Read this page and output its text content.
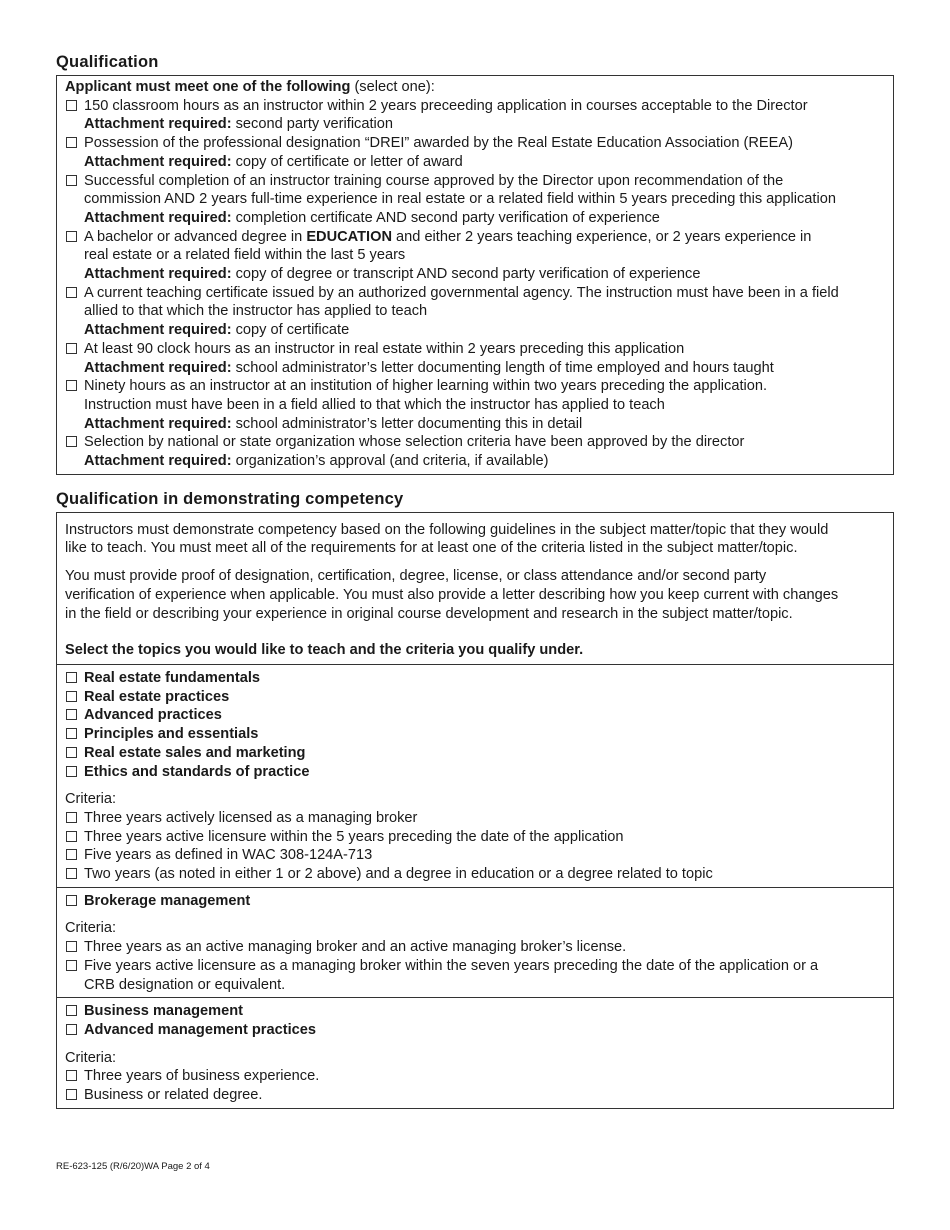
Qualification
Applicant must meet one of the following (select one):
150 classroom hours as an instructor within 2 years preceeding application in courses acceptable to the Director
Attachment required: second party verification
Possession of the professional designation “DREI” awarded by the Real Estate Education Association (REEA)
Attachment required: copy of certificate or letter of award
Successful completion of an instructor training course approved by the Director upon recommendation of the
commission AND 2 years full-time experience in real estate or a related field within 5 years preceding this application
Attachment required: completion certificate AND second party verification of experience
A bachelor or advanced degree in EDUCATION and either 2 years teaching experience, or 2 years experience in
real estate or a related field within the last 5 years
Attachment required: copy of degree or transcript AND second party verification of experience
A current teaching certificate issued by an authorized governmental agency. The instruction must have been in a field
allied to that which the instructor has applied to teach
Attachment required: copy of certificate
At least 90 clock hours as an instructor in real estate within 2 years preceding this application
Attachment required: school administrator’s letter documenting length of time employed and hours taught
Ninety hours as an instructor at an institution of higher learning within two years preceding the application.
Instruction must have been in a field allied to that which the instructor has applied to teach
Attachment required: school administrator’s letter documenting this in detail
Selection by national or state organization whose selection criteria have been approved by the director
Attachment required: organization’s approval (and criteria, if available)
Qualification in demonstrating competency

Instructors must demonstrate competency based on the following guidelines in the subject matter/topic that they would
like to teach. You must meet all of the requirements for at least one of the criteria listed in the subject matter/topic.

You must provide proof of designation, certification, degree, license, or class attendance and/or second party
verification of experience when applicable. You must also provide a letter describing how you keep current with changes
in the field or describing your experience in original course development and research in the subject matter/topic.

Select the topics you would like to teach and the criteria you qualify under.
Real estate fundamentals
Real estate practices
Advanced practices
Principles and essentials
Real estate sales and marketing
Ethics and standards of practice
Criteria:
Three years actively licensed as a managing broker
Three years active licensure within the 5 years preceding the date of the application
Five years as defined in WAC 308-124A-713
Two years (as noted in either 1 or 2 above) and a degree in education or a degree related to topic
Brokerage management
Criteria:
Three years as an active managing broker and an active managing broker’s license.
Five years active licensure as a managing broker within the seven years preceding the date of the application or a
CRB designation or equivalent.
Business management
Advanced management practices
Criteria:
Three years of business experience.
Business or related degree.
RE-623-125 (R/6/20)WA Page 2 of 4
